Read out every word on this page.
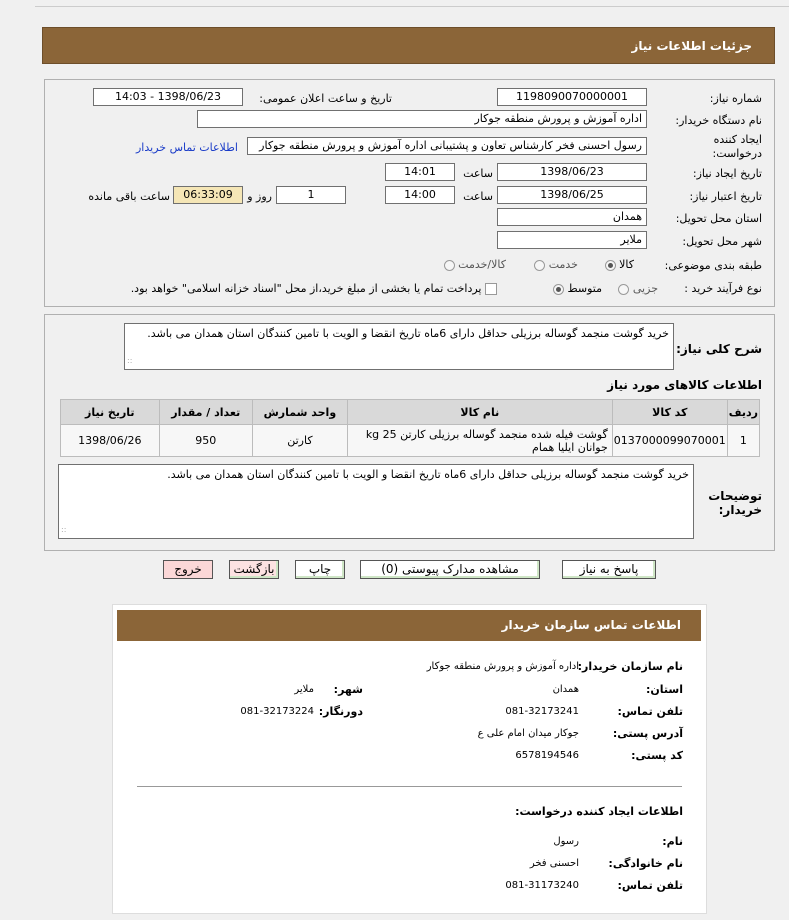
جزئیات اطلاعات نیاز
شماره نیاز:
1198090070000001
تاریخ و ساعت اعلان عمومی:
1398/06/23 - 14:03
نام دستگاه خریدار:
اداره آموزش و پرورش منطقه جوکار
ایجاد کننده
درخواست:
رسول احسنی فخر کارشناس تعاون و پشتیبانی اداره آموزش و پرورش منطقه جوکار
اطلاعات تماس خریدار
تاریخ ایجاد نیاز:
1398/06/23
ساعت
14:01
تاریخ اعتبار نیاز:
1398/06/25
ساعت
14:00
1
روز و
06:33:09
ساعت باقی مانده
استان محل تحویل:
همدان
شهر محل تحویل:
ملایر
طبقه بندی موضوعی:
کالا
خدمت
کالا/خدمت
نوع فرآیند خرید :
جزیی
متوسط
پرداخت تمام یا بخشی از مبلغ خرید،از محل "اسناد خزانه اسلامی" خواهد بود.
شرح کلی نیاز:
خرید گوشت منجمد گوساله برزیلی حداقل دارای 6ماه تاریخ انقضا و الویت با تامین کنندگان استان همدان می باشد.
::
اطلاعات کالاهای مورد نیاز
ردیف	کد کالا	نام کالا	واحد شمارش	تعداد / مقدار	تاریخ نیاز
1	0137000099070001	گوشت فیله شده منجمد گوساله برزیلی کارتن 25 kg جوانان ایلیا همام	کارتن	950	1398/06/26
توضیحات
خریدار:
خرید گوشت منجمد گوساله برزیلی حداقل دارای 6ماه تاریخ انقضا و الویت با تامین کنندگان استان همدان می باشد.
::
پاسخ به نیاز
مشاهده مدارک پیوستی (0)
چاپ
بازگشت
خروج
اطلاعات تماس سازمان خریدار
نام سازمان خریدار:
اداره آموزش و پرورش منطقه جوکار
استان:
همدان
شهر:
ملایر
تلفن تماس:
081-32173241
دورنگار:
081-32173224
آدرس پستی:
جوکار میدان امام علی ع
کد پستی:
6578194546
اطلاعات ایجاد کننده درخواست:
نام:
رسول
نام خانوادگی:
احسنی فخر
تلفن تماس:
081-31173240
